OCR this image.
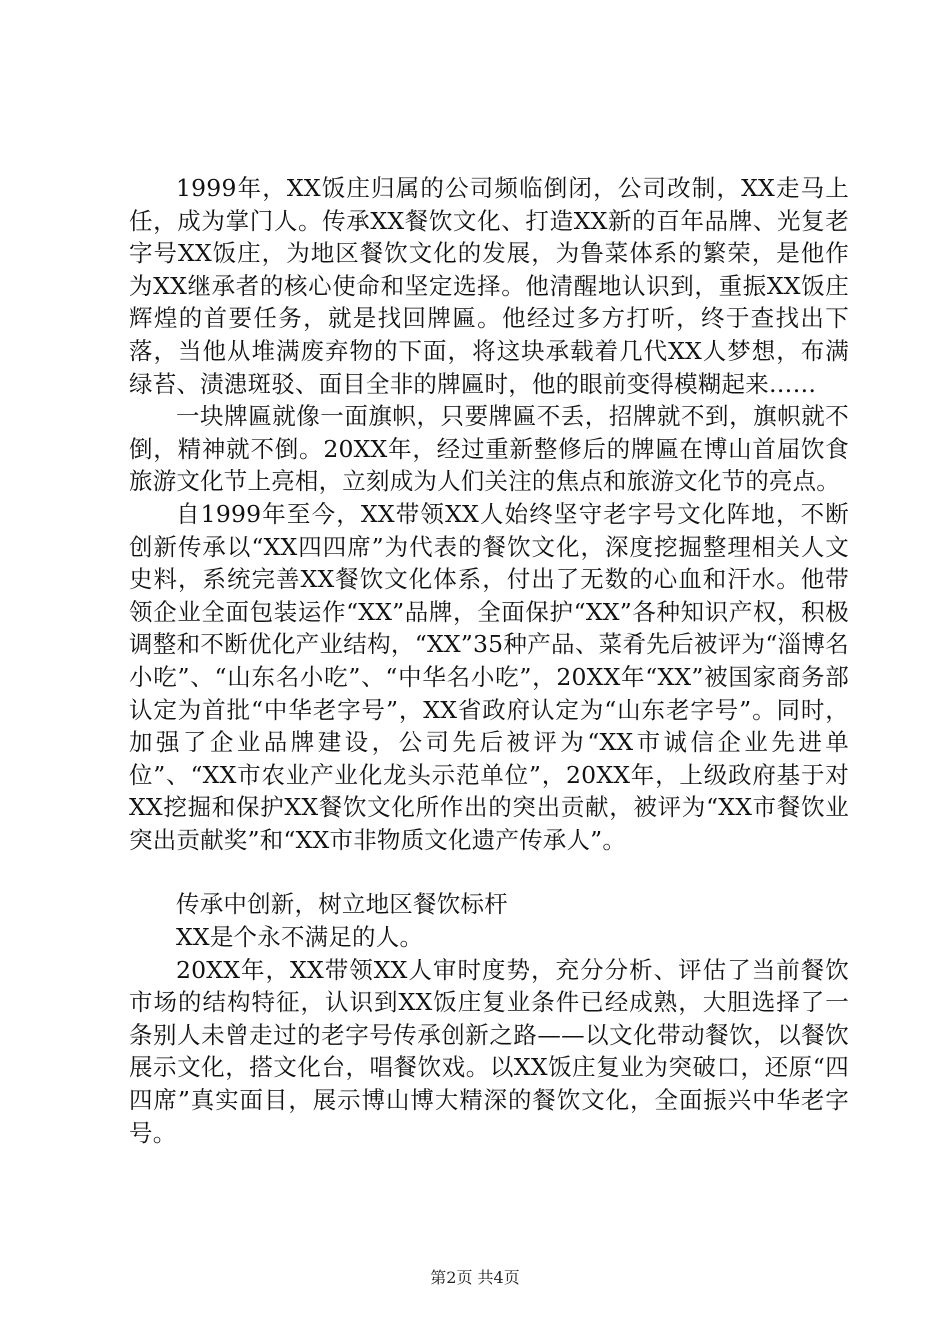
1999年，XX饭庄归属的公司频临倒闭，公司改制，XX走马上任，成为掌门人。传承XX餐饮文化、打造XX新的百年品牌、光复老字号XX饭庄，为地区餐饮文化的发展，为鲁菜体系的繁荣，是他作为XX继承者的核心使命和坚定选择。他清醒地认识到，重振XX饭庄辉煌的首要任务，就是找回牌匾。他经过多方打听，终于查找出下落，当他从堆满废弃物的下面，将这块承载着几代XX人梦想，布满绿苔、渍漶斑驳、面目全非的牌匾时，他的眼前变得模糊起来……

一块牌匾就像一面旗帜，只要牌匾不丢，招牌就不到，旗帜就不倒，精神就不倒。20XX年，经过重新整修后的牌匾在博山首届饮食旅游文化节上亮相，立刻成为人们关注的焦点和旅游文化节的亮点。

自1999年至今，XX带领XX人始终坚守老字号文化阵地，不断创新传承以“XX四四席”为代表的餐饮文化，深度挖掘整理相关人文史料，系统完善XX餐饮文化体系，付出了无数的心血和汗水。他带领企业全面包装运作“XX”品牌，全面保护“XX”各种知识产权，积极调整和不断优化产业结构，“XX”35种产品、菜肴先后被评为“淄博名小吃”、“山东名小吃”、“中华名小吃”，20XX年“XX”被国家商务部认定为首批“中华老字号”，XX省政府认定为“山东老字号”。同时，加强了企业品牌建设，公司先后被评为“XX市诚信企业先进单位”、“XX市农业产业化龙头示范单位”，20XX年，上级政府基于对XX挖掘和保护XX餐饮文化所作出的突出贡献，被评为“XX市餐饮业突出贡献奖”和“XX市非物质文化遗产传承人”。

传承中创新，树立地区餐饮标杆

XX是个永不满足的人。

20XX年，XX带领XX人审时度势，充分分析、评估了当前餐饮市场的结构特征，认识到XX饭庄复业条件已经成熟，大胆选择了一条别人未曾走过的老字号传承创新之路——以文化带动餐饮，以餐饮展示文化，搭文化台，唱餐饮戏。以XX饭庄复业为突破口，还原“四四席”真实面目，展示博山博大精深的餐饮文化，全面振兴中华老字号。

第2页 共4页
